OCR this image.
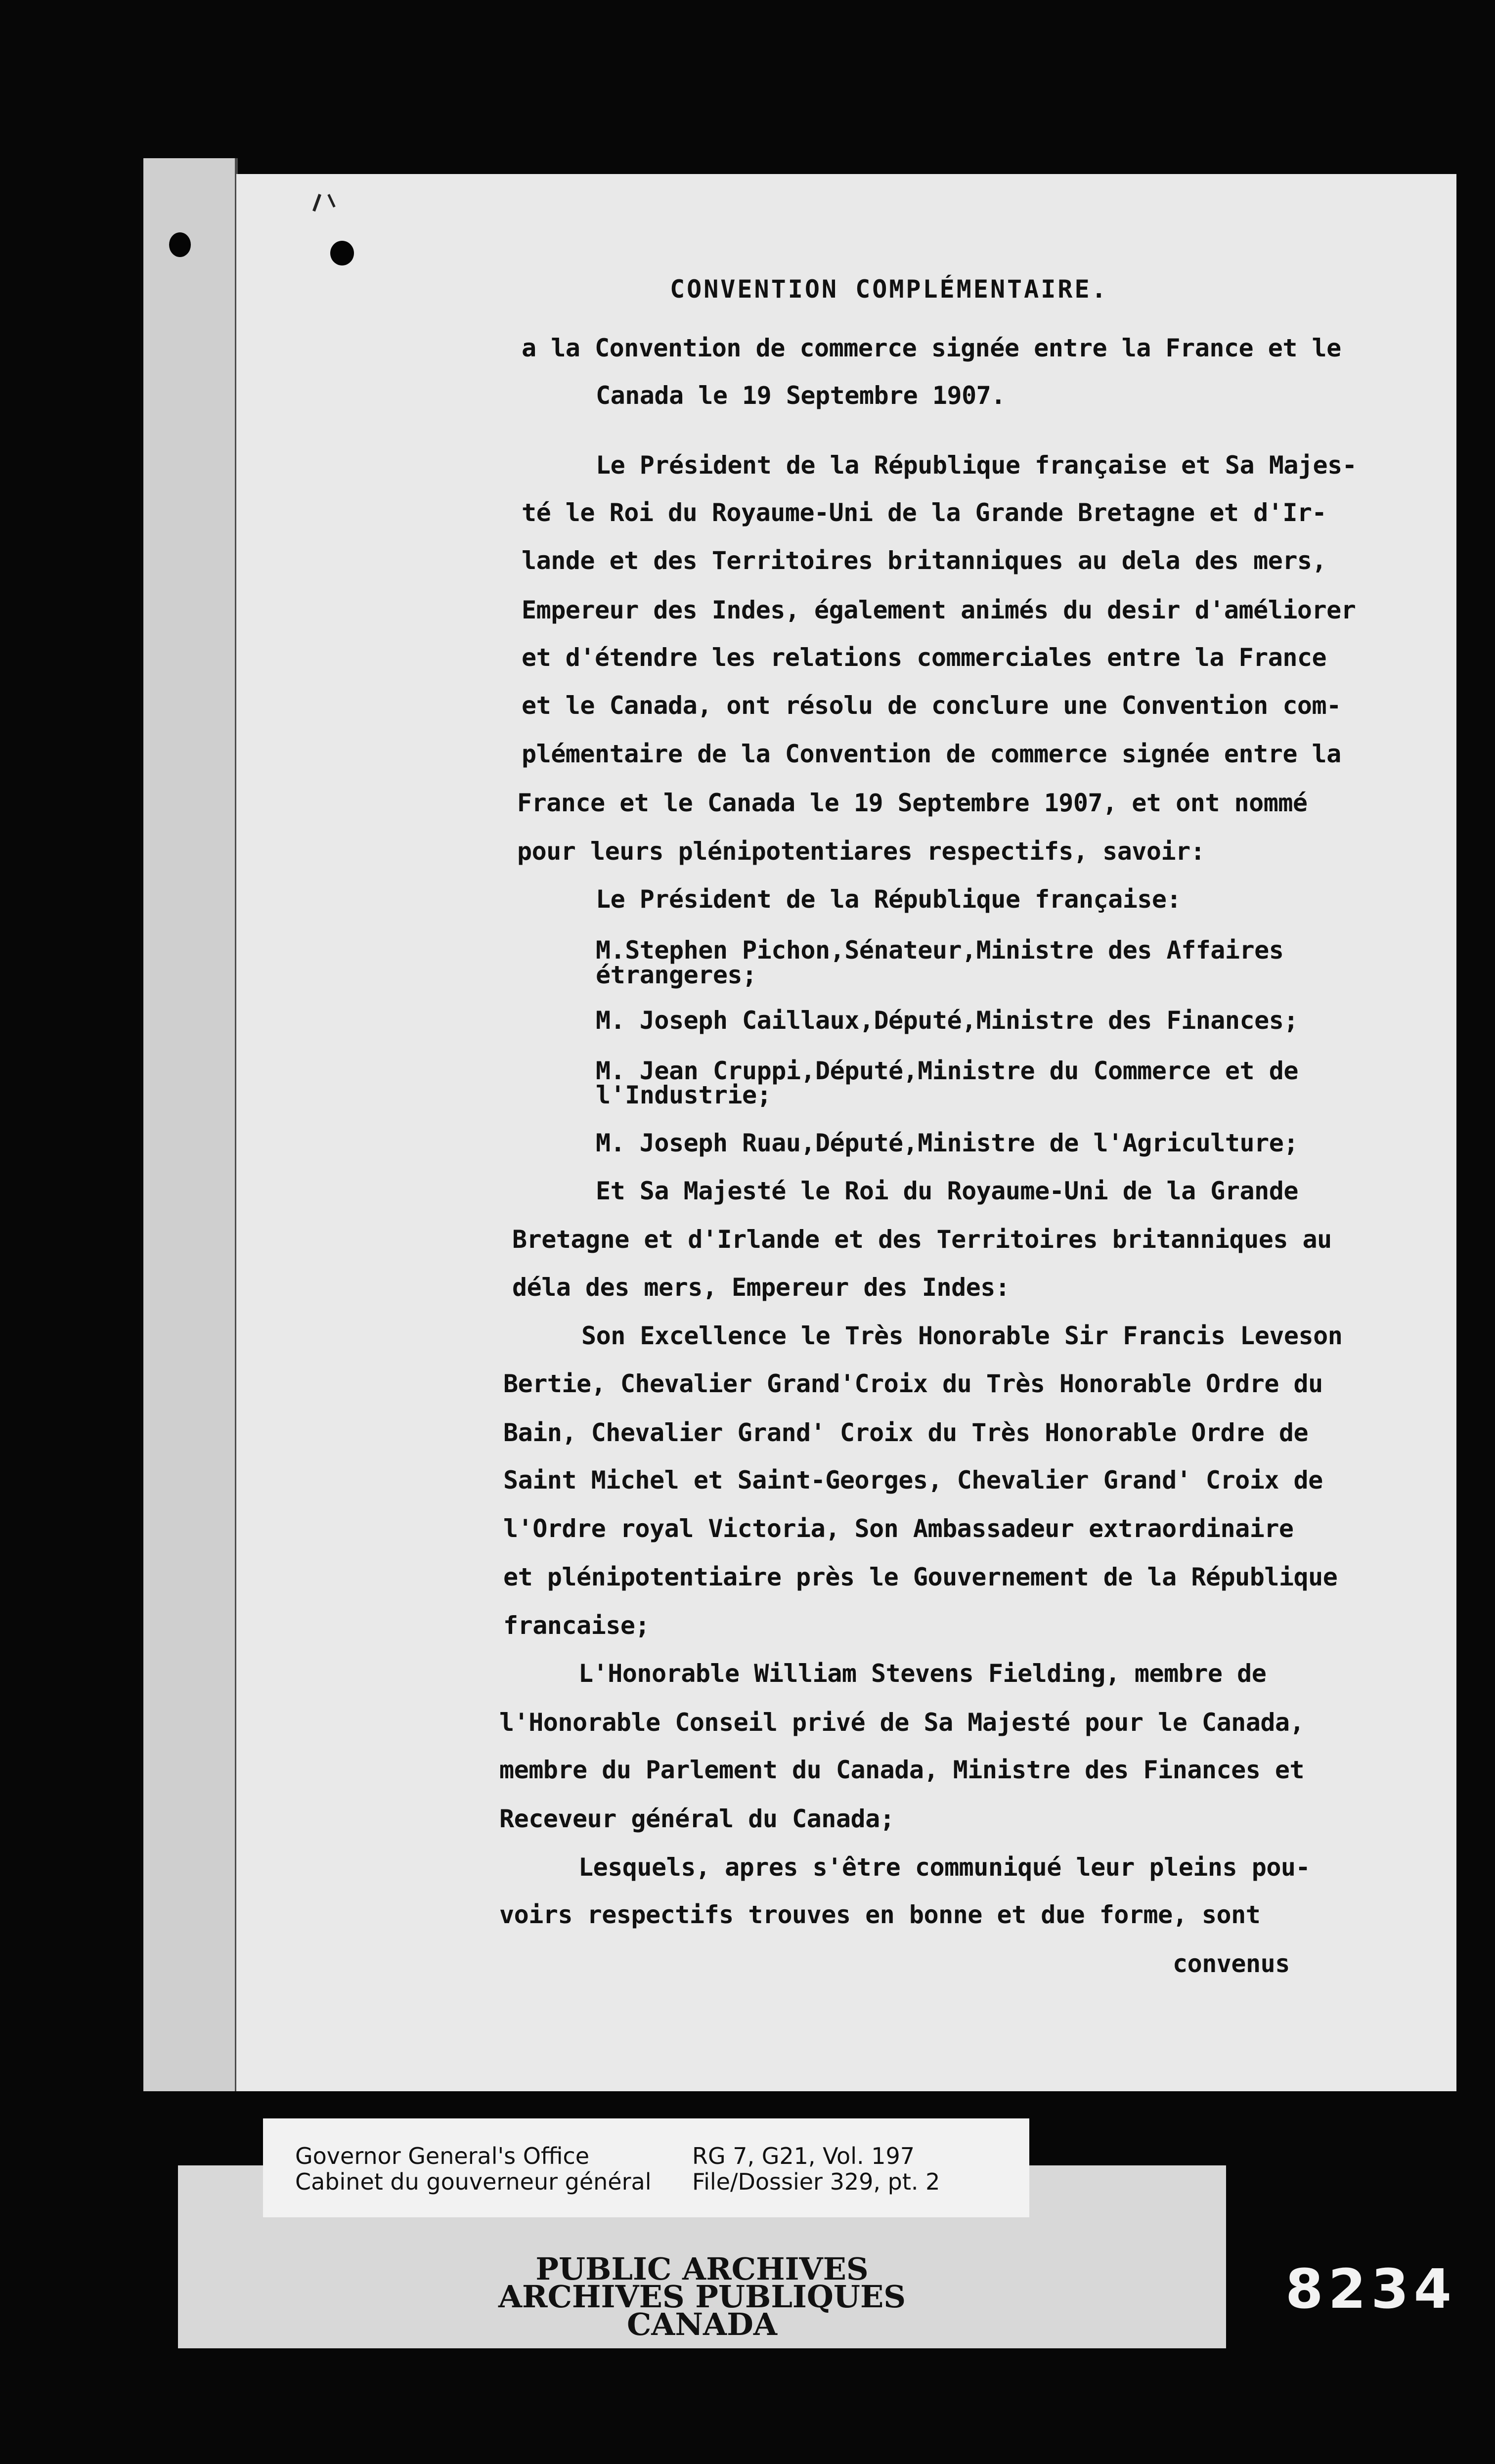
CONVENTION COMPLÉMENTAIRE.
a la Convention de commerce signée entre la France et le
Canada le 19 Septembre 1907.
Le Président de la République française et Sa Majes-
té le Roi du Royaume-Uni de la Grande Bretagne et d'Ir-
lande et des Territoires britanniques au dela des mers,
Empereur des Indes, également animés du desir d'améliorer
et d'étendre les relations commerciales entre la France
et le Canada, ont résolu de conclure une Convention com-
plémentaire de la Convention de commerce signée entre la
France et le Canada le 19 Septembre 1907, et ont nommé
pour leurs plénipotentiares respectifs, savoir:
Le Président de la République française:
M.Stephen Pichon,Sénateur,Ministre des Affaires
étrangeres;
M. Joseph Caillaux,Député,Ministre des Finances;
M. Jean Cruppi,Député,Ministre du Commerce et de
l'Industrie;
M. Joseph Ruau,Député,Ministre de l'Agriculture;
Et Sa Majesté le Roi du Royaume-Uni de la Grande
Bretagne et d'Irlande et des Territoires britanniques au
déla des mers, Empereur des Indes:
Son Excellence le Très Honorable Sir Francis Leveson
Bertie, Chevalier Grand'Croix du Très Honorable Ordre du
Bain, Chevalier Grand' Croix du Très Honorable Ordre de
Saint Michel et Saint-Georges, Chevalier Grand' Croix de
l'Ordre royal Victoria, Son Ambassadeur extraordinaire
et plénipotentiaire près le Gouvernement de la République
francaise;
L'Honorable William Stevens Fielding, membre de
l'Honorable Conseil privé de Sa Majesté pour le Canada,
membre du Parlement du Canada, Ministre des Finances et
Receveur général du Canada;
Lesquels, apres s'être communiqué leur pleins pou-
voirs respectifs trouves en bonne et due forme, sont
convenus
PUBLIC ARCHIVES
ARCHIVES PUBLIQUES
CANADA
Governor General's Office
Cabinet du gouverneur général
RG 7, G21, Vol. 197
File/Dossier 329, pt. 2
8234
